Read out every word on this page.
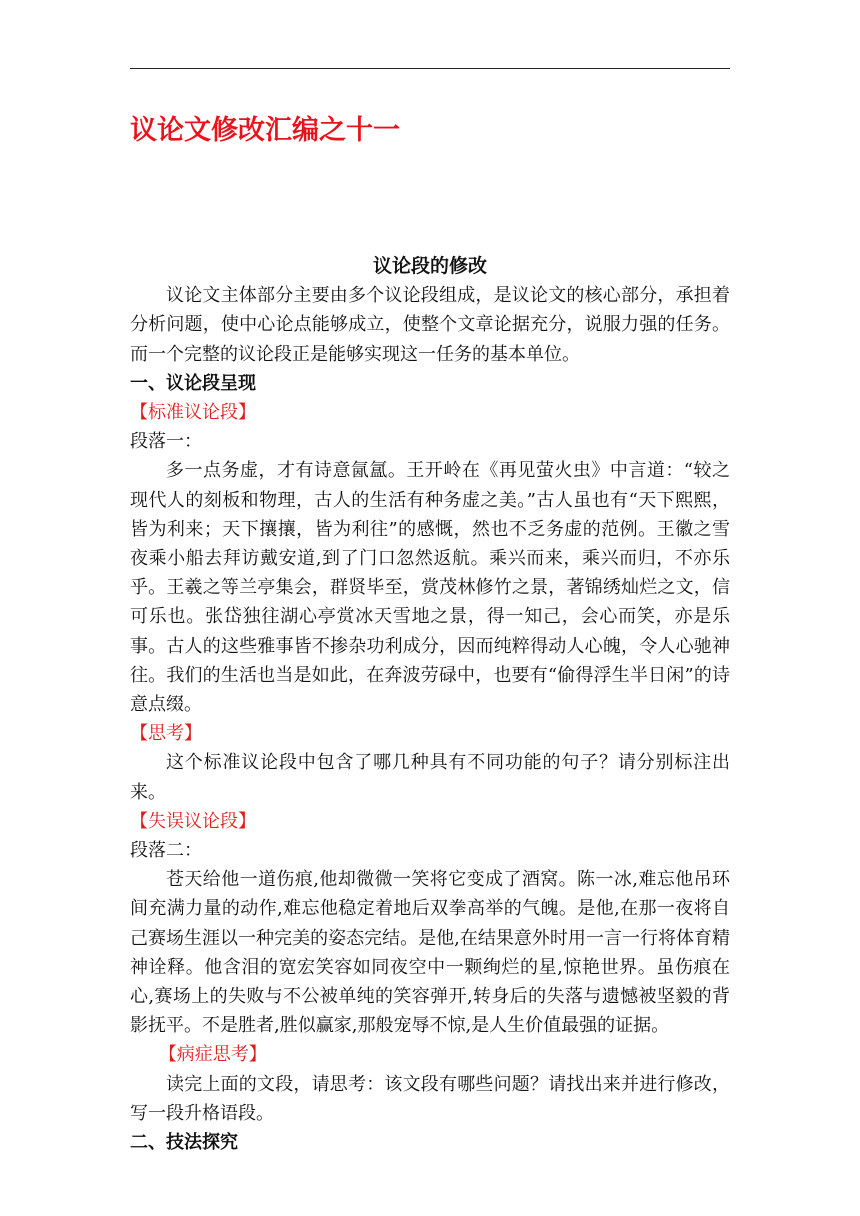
议论文修改汇编之十一

议论段的修改

议论文主体部分主要由多个议论段组成，是议论文的核心部分，承担着分析问题，使中心论点能够成立，使整个文章论据充分，说服力强的任务。而一个完整的议论段正是能够实现这一任务的基本单位。

一、议论段呈现

【标准议论段】

段落一：

多一点务虚，才有诗意氤氲。王开岭在《再见萤火虫》中言道：“较之现代人的刻板和物理，古人的生活有种务虚之美。”古人虽也有“天下熙熙，皆为利来；天下攘攘，皆为利往”的感慨，然也不乏务虚的范例。王徽之雪夜乘小船去拜访戴安道,到了门口忽然返航。乘兴而来，乘兴而归，不亦乐乎。王羲之等兰亭集会，群贤毕至，赏茂林修竹之景，著锦绣灿烂之文，信可乐也。张岱独往湖心亭赏冰天雪地之景，得一知己，会心而笑，亦是乐事。古人的这些雅事皆不掺杂功利成分，因而纯粹得动人心魄，令人心驰神往。我们的生活也当是如此，在奔波劳碌中，也要有“偷得浮生半日闲”的诗意点缀。

【思考】

这个标准议论段中包含了哪几种具有不同功能的句子？请分别标注出来。

【失误议论段】

段落二：

苍天给他一道伤痕,他却微微一笑将它变成了酒窝。陈一冰,难忘他吊环间充满力量的动作,难忘他稳定着地后双拳高举的气魄。是他,在那一夜将自己赛场生涯以一种完美的姿态完结。是他,在结果意外时用一言一行将体育精神诠释。他含泪的宽宏笑容如同夜空中一颗绚烂的星,惊艳世界。虽伤痕在心,赛场上的失败与不公被单纯的笑容弹开,转身后的失落与遗憾被坚毅的背影抚平。不是胜者,胜似赢家,那般宠辱不惊,是人生价值最强的证据。

【病症思考】

读完上面的文段，请思考：该文段有哪些问题？请找出来并进行修改，写一段升格语段。

二、技法探究
